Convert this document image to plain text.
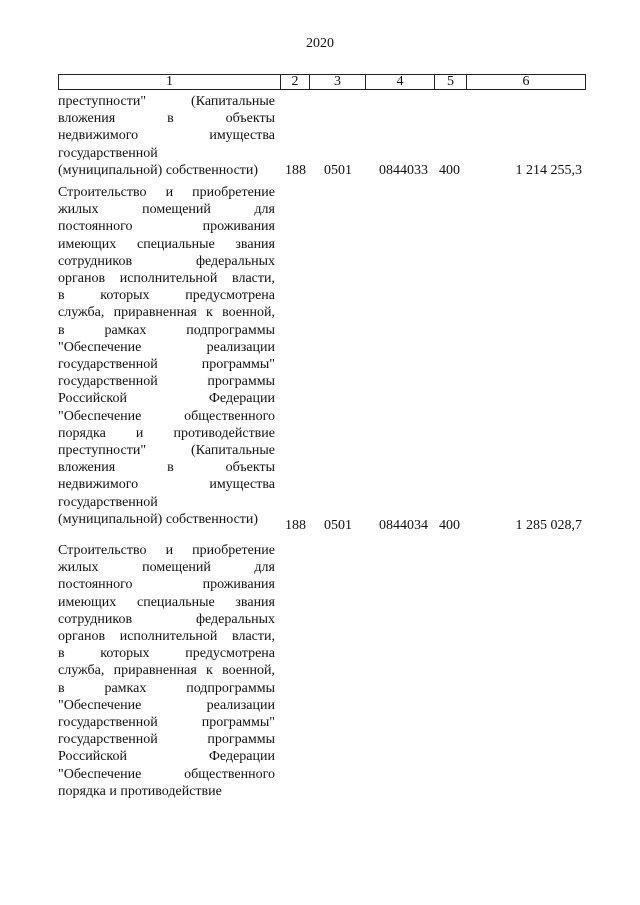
2020
1	2	3	4	5	6
преступности" (Капитальные
вложения в объекты
недвижимого имущества
государственной
(муниципальной) собственности)	188 0501 0844033 400	1 214 255,3
Строительство и приобретение
жилых помещений для
постоянного проживания
имеющих специальные звания
сотрудников федеральных
органов исполнительной власти,
в которых предусмотрена
служба, приравненная к военной,
в рамках подпрограммы
"Обеспечение реализации
государственной программы"
государственной программы
Российской Федерации
"Обеспечение общественного
порядка и противодействие
преступности" (Капитальные
вложения в объекты
недвижимого имущества
государственной
(муниципальной) собственности)	188 0501 0844034 400	1 285 028,7
Строительство и приобретение
жилых помещений для
постоянного проживания
имеющих специальные звания
сотрудников федеральных
органов исполнительной власти,
в которых предусмотрена
служба, приравненная к военной,
в рамках подпрограммы
"Обеспечение реализации
государственной программы"
государственной программы
Российской Федерации
"Обеспечение общественного
порядка и противодействие
